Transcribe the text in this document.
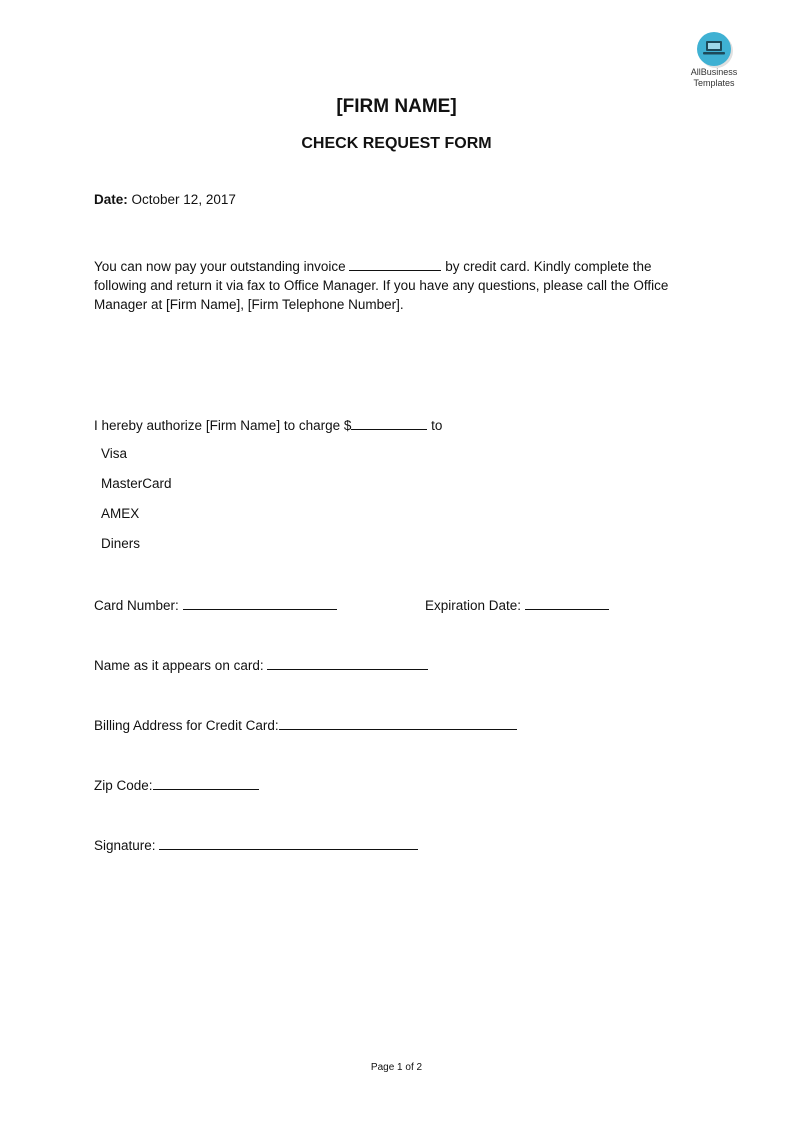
AllBusiness
Templates
[FIRM NAME]
CHECK REQUEST FORM
Date: October 12, 2017
You can now pay your outstanding invoice	by credit card. Kindly complete the
following and return it via fax to Office Manager. If you have any questions, please call the Office
Manager at [Firm Name], [Firm Telephone Number].
I hereby authorize [Firm Name] to charge $	to
Visa
MasterCard
AMEX
Diners
Card Number:	Expiration Date:
Name as it appears on card:
Billing Address for Credit Card:
Zip Code:
Signature:
Page 1 of 2
